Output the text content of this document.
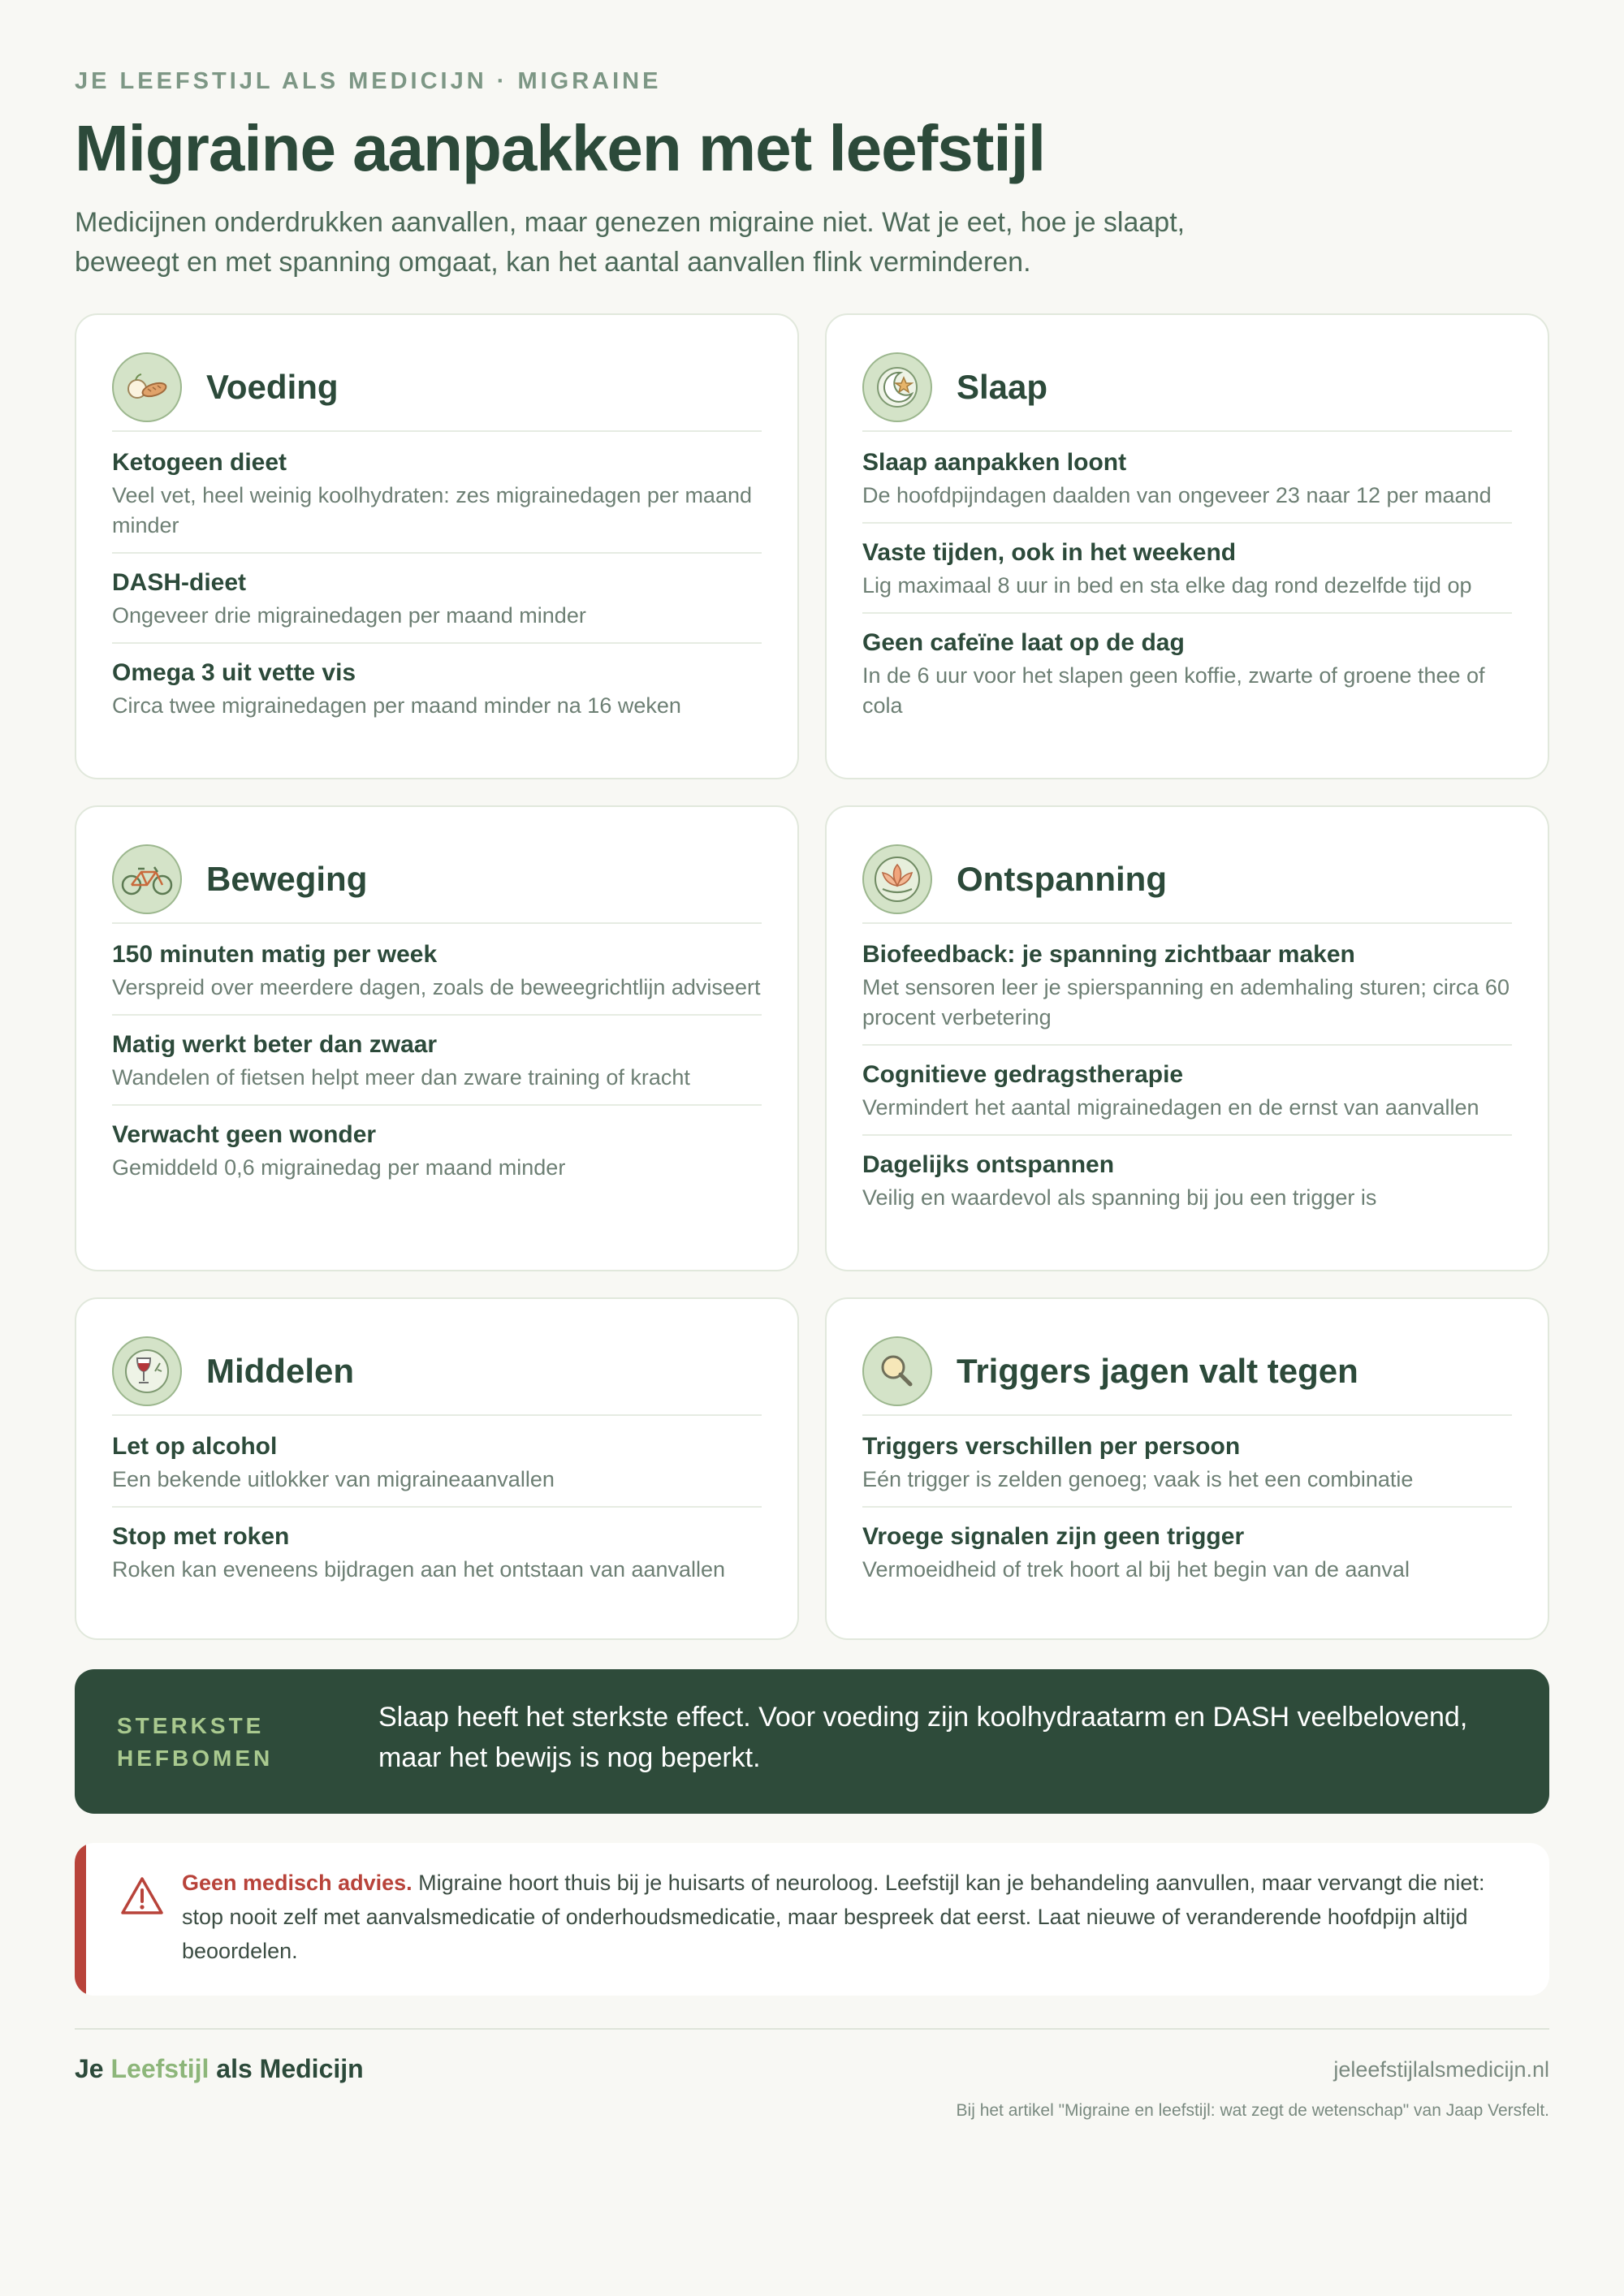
JE LEEFSTIJL ALS MEDICIJN · MIGRAINE
Migraine aanpakken met leefstijl

Medicijnen onderdrukken aanvallen, maar genezen migraine niet. Wat je eet, hoe je slaapt, beweegt en met spanning omgaat, kan het aantal aanvallen flink verminderen.

Voeding
Ketogeen dieet
Veel vet, heel weinig koolhydraten: zes migrainedagen per maand minder
DASH-dieet
Ongeveer drie migrainedagen per maand minder
Omega 3 uit vette vis
Circa twee migrainedagen per maand minder na 16 weken
Slaap
Slaap aanpakken loont
De hoofdpijndagen daalden van ongeveer 23 naar 12 per maand
Vaste tijden, ook in het weekend
Lig maximaal 8 uur in bed en sta elke dag rond dezelfde tijd op
Geen cafeïne laat op de dag
In de 6 uur voor het slapen geen koffie, zwarte of groene thee of cola
Beweging
150 minuten matig per week
Verspreid over meerdere dagen, zoals de beweegrichtlijn adviseert
Matig werkt beter dan zwaar
Wandelen of fietsen helpt meer dan zware training of kracht
Verwacht geen wonder
Gemiddeld 0,6 migrainedag per maand minder
Ontspanning
Biofeedback: je spanning zichtbaar maken
Met sensoren leer je spierspanning en ademhaling sturen; circa 60 procent verbetering
Cognitieve gedragstherapie
Vermindert het aantal migrainedagen en de ernst van aanvallen
Dagelijks ontspannen
Veilig en waardevol als spanning bij jou een trigger is
Middelen
Let op alcohol
Een bekende uitlokker van migraineaanvallen
Stop met roken
Roken kan eveneens bijdragen aan het ontstaan van aanvallen
Triggers jagen valt tegen
Triggers verschillen per persoon
Eén trigger is zelden genoeg; vaak is het een combinatie
Vroege signalen zijn geen trigger
Vermoeidheid of trek hoort al bij het begin van de aanval
STERKSTE HEFBOMEN
Slaap heeft het sterkste effect. Voor voeding zijn koolhydraatarm en DASH veelbelovend, maar het bewijs is nog beperkt.

Geen medisch advies. Migraine hoort thuis bij je huisarts of neuroloog. Leefstijl kan je behandeling aanvullen, maar vervangt die niet: stop nooit zelf met aanvalsmedicatie of onderhoudsmedicatie, maar bespreek dat eerst. Laat nieuwe of veranderende hoofdpijn altijd beoordelen.

Je Leefstijl als Medicijn	jeleefstijlalsmedicijn.nl
Bij het artikel "Migraine en leefstijl: wat zegt de wetenschap" van Jaap Versfelt.
